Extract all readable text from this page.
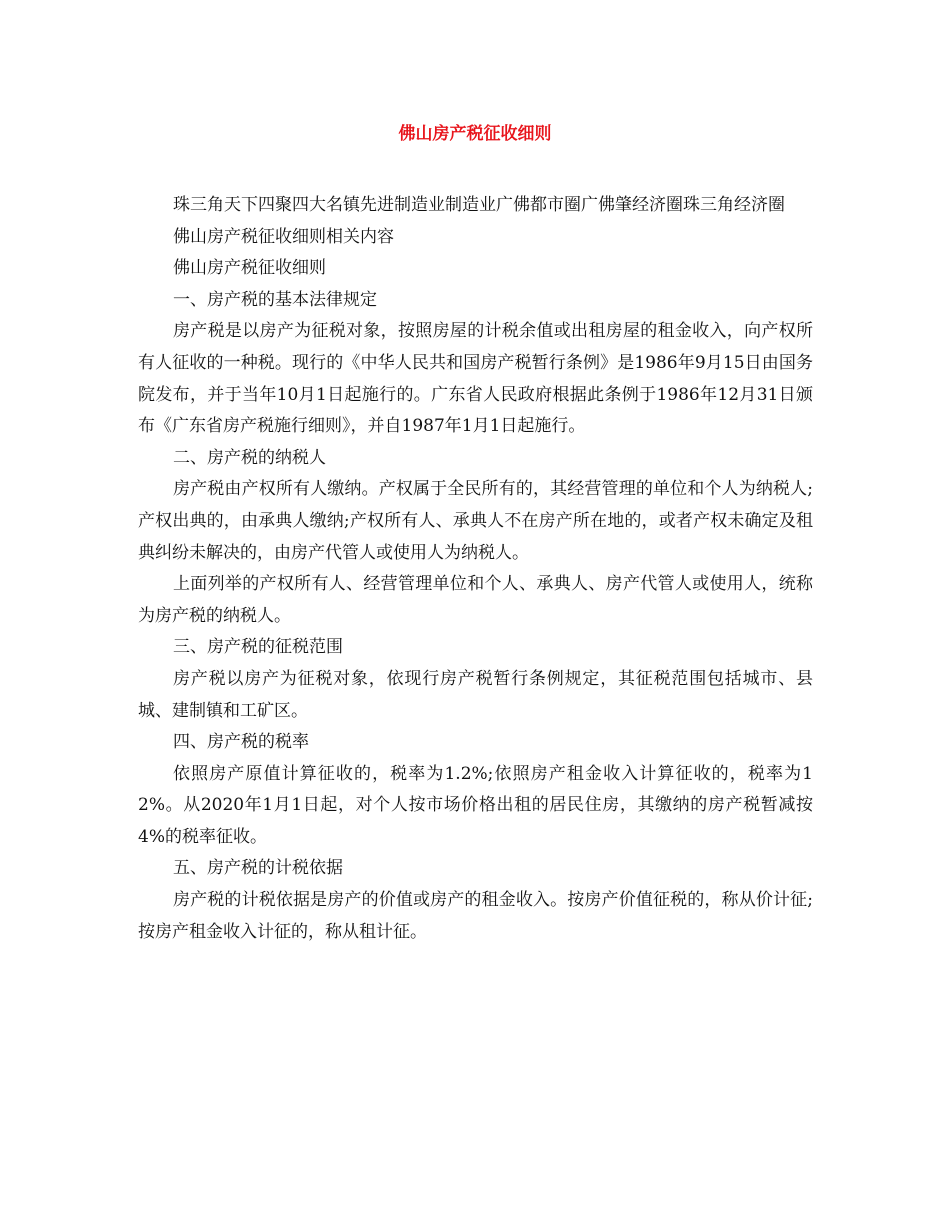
佛山房产税征收细则

珠三角天下四聚四大名镇先进制造业制造业广佛都市圈广佛肇经济圈珠三角经济圈

佛山房产税征收细则相关内容

佛山房产税征收细则

一、房产税的基本法律规定

房产税是以房产为征税对象，按照房屋的计税余值或出租房屋的租金收入，向产权所有人征收的一种税。现行的《中华人民共和国房产税暂行条例》是1986年9月15日由国务院发布，并于当年10月1日起施行的。广东省人民政府根据此条例于1986年12月31日颁布《广东省房产税施行细则》，并自1987年1月1日起施行。

二、房产税的纳税人

房产税由产权所有人缴纳。产权属于全民所有的，其经营管理的单位和个人为纳税人;产权出典的，由承典人缴纳;产权所有人、承典人不在房产所在地的，或者产权未确定及租典纠纷未解决的，由房产代管人或使用人为纳税人。

上面列举的产权所有人、经营管理单位和个人、承典人、房产代管人或使用人，统称为房产税的纳税人。

三、房产税的征税范围

房产税以房产为征税对象，依现行房产税暂行条例规定，其征税范围包括城市、县城、建制镇和工矿区。

四、房产税的税率

依照房产原值计算征收的，税率为1.2%;依照房产租金收入计算征收的，税率为12%。从2020年1月1日起，对个人按市场价格出租的居民住房，其缴纳的房产税暂减按4%的税率征收。

五、房产税的计税依据

房产税的计税依据是房产的价值或房产的租金收入。按房产价值征税的，称从价计征;按房产租金收入计征的，称从租计征。
